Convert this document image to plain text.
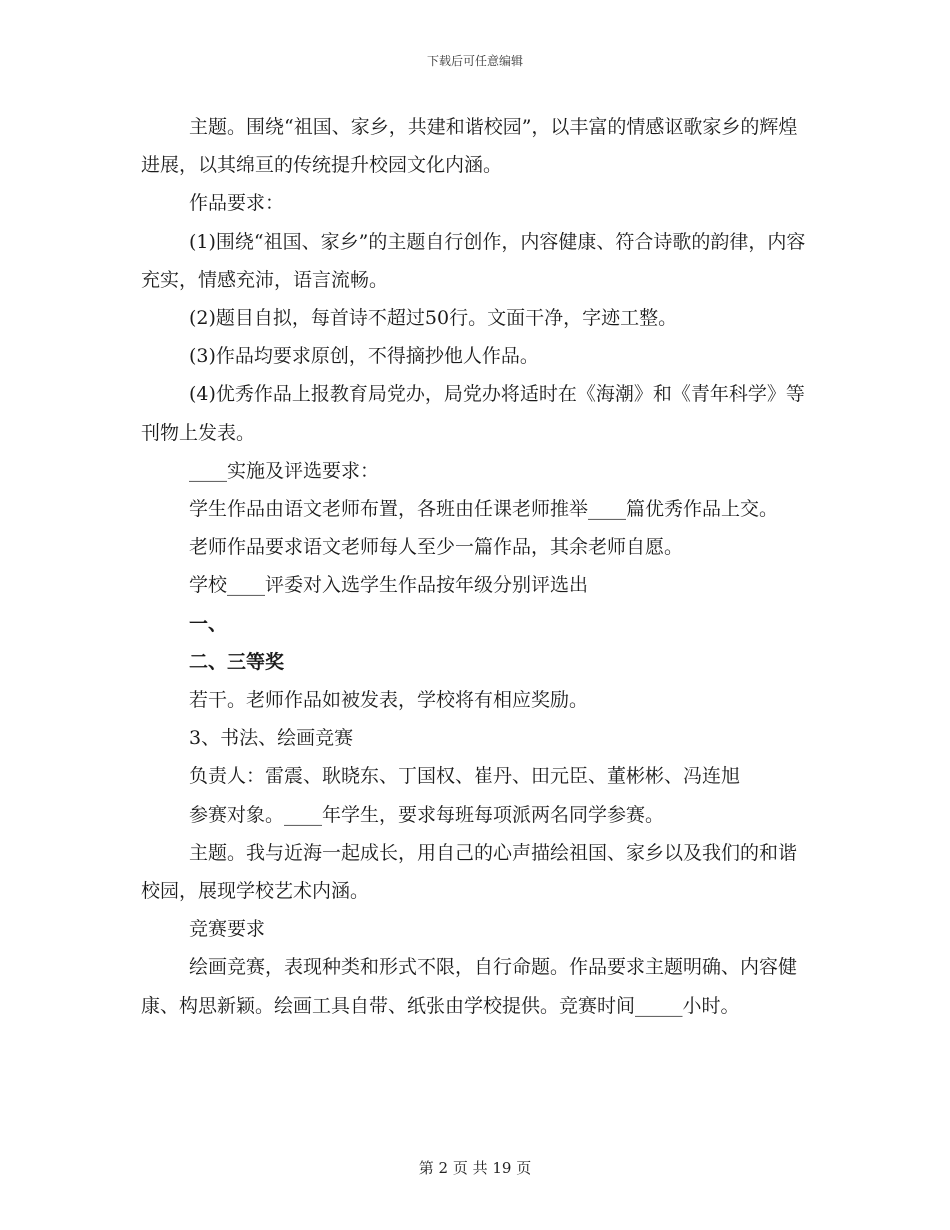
下载后可任意编辑

主题。围绕“祖国、家乡，共建和谐校园”，以丰富的情感讴歌家乡的辉煌进展，以其绵亘的传统提升校园文化内涵。

作品要求：

(1)围绕“祖国、家乡”的主题自行创作，内容健康、符合诗歌的韵律，内容充实，情感充沛，语言流畅。

(2)题目自拟，每首诗不超过50行。文面干净，字迹工整。

(3)作品均要求原创，不得摘抄他人作品。

(4)优秀作品上报教育局党办，局党办将适时在《海潮》和《青年科学》等刊物上发表。

____实施及评选要求：

学生作品由语文老师布置，各班由任课老师推举____篇优秀作品上交。

老师作品要求语文老师每人至少一篇作品，其余老师自愿。

学校____评委对入选学生作品按年级分别评选出

一、

二、三等奖

若干。老师作品如被发表，学校将有相应奖励。

3、书法、绘画竞赛

负责人：雷震、耿晓东、丁国权、崔丹、田元臣、董彬彬、冯连旭

参赛对象。____年学生，要求每班每项派两名同学参赛。

主题。我与近海一起成长，用自己的心声描绘祖国、家乡以及我们的和谐校园，展现学校艺术内涵。

竞赛要求

绘画竞赛，表现种类和形式不限，自行命题。作品要求主题明确、内容健康、构思新颖。绘画工具自带、纸张由学校提供。竞赛时间_____小时。

第 2 页 共 19 页
